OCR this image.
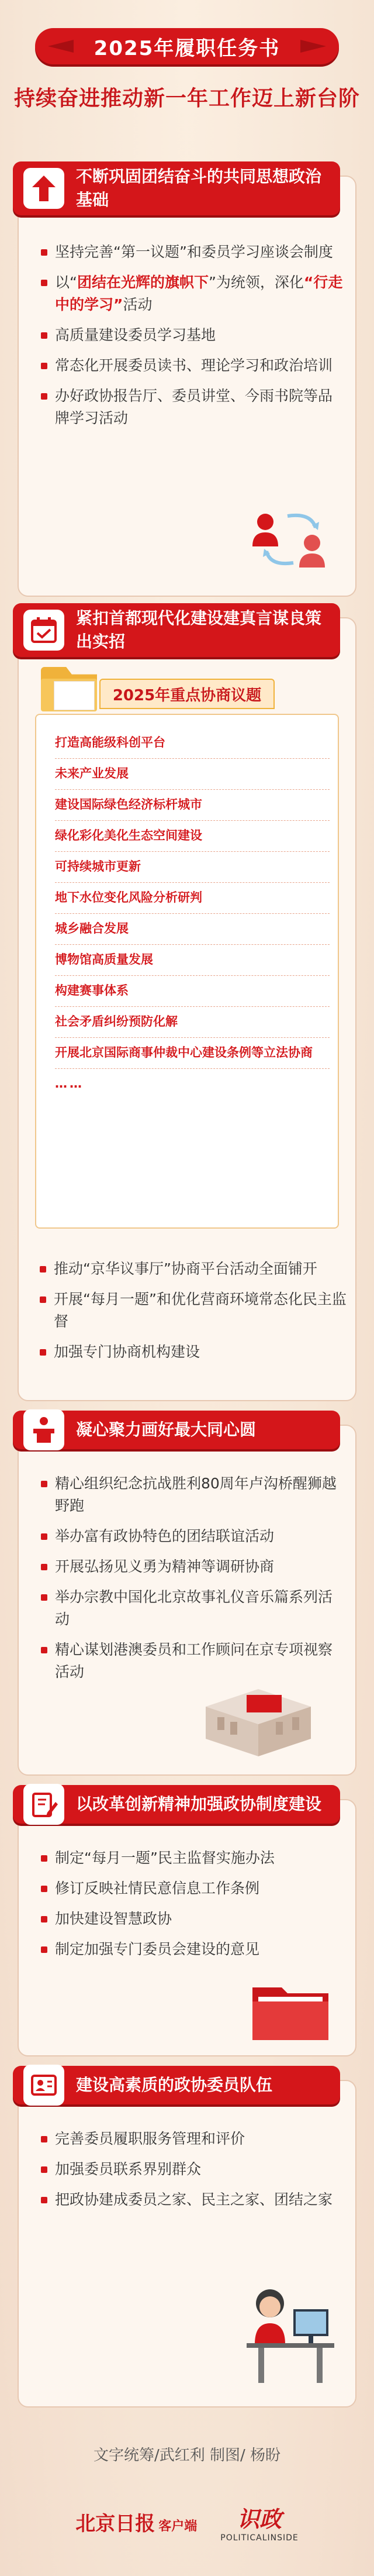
2025年履职任务书
持续奋进推动新一年工作迈上新台阶
不断巩固团结奋斗的共同思想政治基础
坚持完善“第一议题”和委员学习座谈会制度
以“团结在光辉的旗帜下”为统领，深化“行走中的学习”活动
高质量建设委员学习基地
常态化开展委员读书、理论学习和政治培训
办好政协报告厅、委员讲堂、今雨书院等品牌学习活动
紧扣首都现代化建设建真言谋良策出实招
2025年重点协商议题
打造高能级科创平台
未来产业发展
建设国际绿色经济标杆城市
绿化彩化美化生态空间建设
可持续城市更新
地下水位变化风险分析研判
城乡融合发展
博物馆高质量发展
构建赛事体系
社会矛盾纠纷预防化解
开展北京国际商事仲裁中心建设条例等立法协商
……
推动“京华议事厅”协商平台活动全面铺开
开展“每月一题”和优化营商环境常态化民主监督
加强专门协商机构建设
凝心聚力画好最大同心圆
精心组织纪念抗战胜利80周年卢沟桥醒狮越野跑
举办富有政协特色的团结联谊活动
开展弘扬见义勇为精神等调研协商
举办宗教中国化北京故事礼仪音乐篇系列活动
精心谋划港澳委员和工作顾问在京专项视察活动
以改革创新精神加强政协制度建设
制定“每月一题”民主监督实施办法
修订反映社情民意信息工作条例
加快建设智慧政协
制定加强专门委员会建设的意见
建设高素质的政协委员队伍
完善委员履职服务管理和评价
加强委员联系界别群众
把政协建成委员之家、民主之家、团结之家
文字统筹/武红利 制图/ 杨盼
北京日报 客户端 识政
POLITICALINSIDE
